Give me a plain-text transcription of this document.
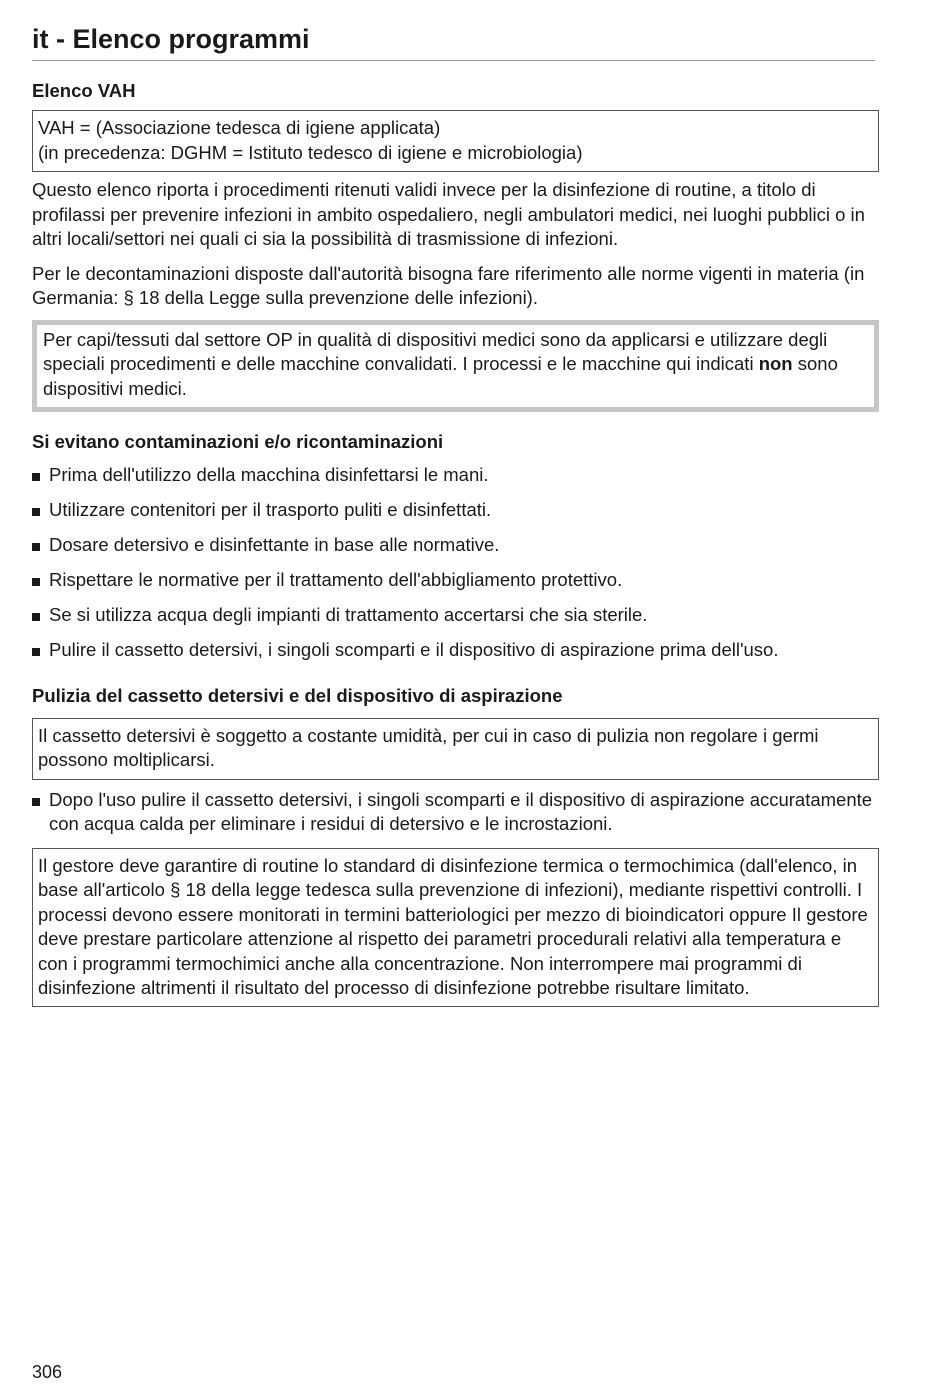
it - Elenco programmi
Elenco VAH
VAH = (Associazione tedesca di igiene applicata)
(in precedenza: DGHM = Istituto tedesco di igiene e microbiologia)

Questo elenco riporta i procedimenti ritenuti validi invece per la disinfezione di routine, a titolo di profilassi per prevenire infezioni in ambito ospedaliero, negli ambulatori medici, nei luoghi pubblici o in altri locali/settori nei quali ci sia la possibilità di trasmissione di infezioni.

Per le decontaminazioni disposte dall'autorità bisogna fare riferimento alle norme vigenti in materia (in Germania: § 18 della Legge sulla prevenzione delle infezioni).

Per capi/tessuti dal settore OP in qualità di dispositivi medici sono da applicarsi e utilizzare degli speciali procedimenti e delle macchine convalidati. I processi e le macchine qui indicati non sono dispositivi medici.
Si evitano contaminazioni e/o ricontaminazioni
Prima dell'utilizzo della macchina disinfettarsi le mani.
Utilizzare contenitori per il trasporto puliti e disinfettati.
Dosare detersivo e disinfettante in base alle normative.
Rispettare le normative per il trattamento dell'abbigliamento protettivo.
Se si utilizza acqua degli impianti di trattamento accertarsi che sia sterile.
Pulire il cassetto detersivi, i singoli scomparti e il dispositivo di aspirazione prima dell'uso.
Pulizia del cassetto detersivi e del dispositivo di aspirazione
Il cassetto detersivi è soggetto a costante umidità, per cui in caso di pulizia non regolare i germi possono moltiplicarsi.
Dopo l'uso pulire il cassetto detersivi, i singoli scomparti e il dispositivo di aspirazione accuratamente con acqua calda per eliminare i residui di detersivo e le incrostazioni.
Il gestore deve garantire di routine lo standard di disinfezione termica o termochimica (dall'elenco, in base all'articolo § 18 della legge tedesca sulla prevenzione di infezioni), mediante rispettivi controlli. I processi devono essere monitorati in termini batteriologici per mezzo di bioindicatori oppure Il gestore deve prestare particolare attenzione al rispetto dei parametri procedurali relativi alla temperatura e con i programmi termochimici anche alla concentrazione. Non interrompere mai programmi di disinfezione altrimenti il risultato del processo di disinfezione potrebbe risultare limitato.
306
